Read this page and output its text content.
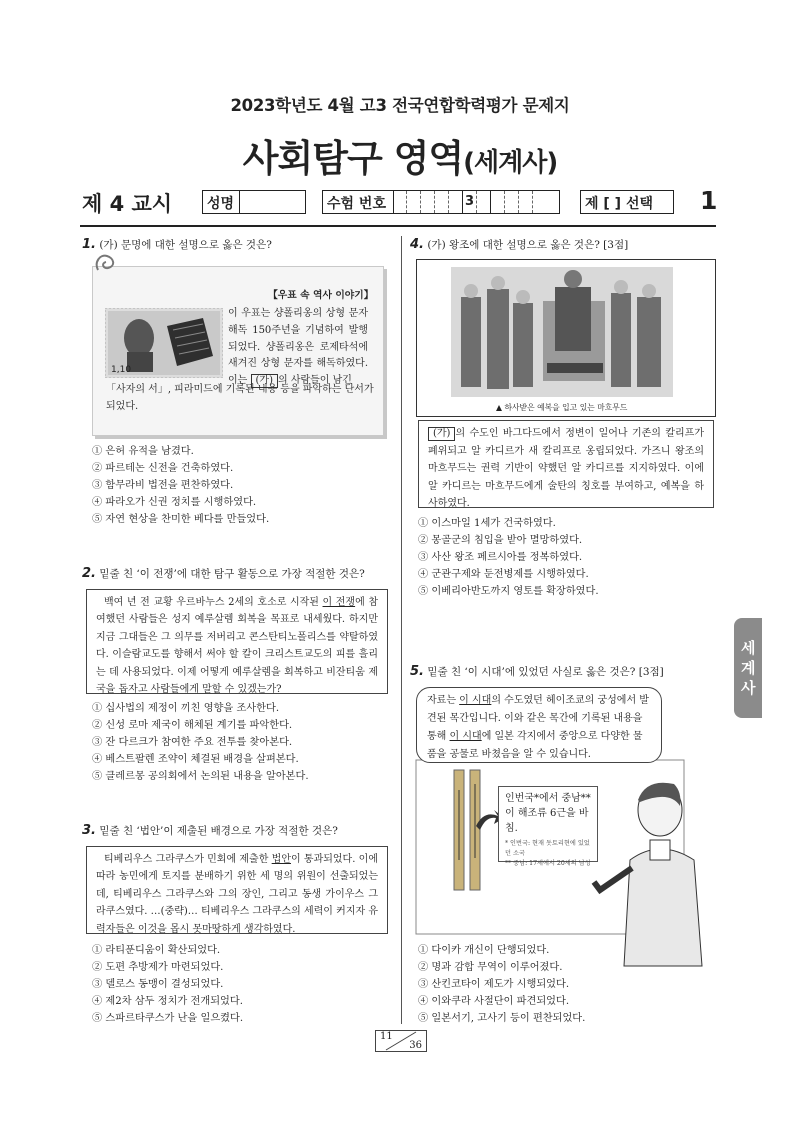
2023학년도 4월 고3 전국연합학력평가 문제지
사회탐구 영역(세계사)
제 4 교시 성명	수험 번호	3	제 [ ] 선택 1
1. (가) 문명에 대한 설명으로 옳은 것은?
【우표 속 역사 이야기】
1,10
이 우표는 샹폴리옹의 상형 문자 해독 150주년을 기념하여 발행되었다. 샹폴리옹은 로제타석에 새겨진 상형 문자를 해독하였다. 이는 (가) 의 사람들이 남긴
「사자의 서」, 피라미드에 기록된 내용 등을 파악하는 단서가 되었다.
① 은허 유적을 남겼다.
② 파르테논 신전을 건축하였다.
③ 함무라비 법전을 편찬하였다.
④ 파라오가 신권 정치를 시행하였다.
⑤ 자연 현상을 찬미한 베다를 만들었다.
2. 밑줄 친 ‘이 전쟁’에 대한 탐구 활동으로 가장 적절한 것은?
백여 년 전 교황 우르바누스 2세의 호소로 시작된 이 전쟁에 참여했던 사람들은 성지 예루살렘 회복을 목표로 내세웠다. 하지만 지금 그대들은 그 의무를 저버리고 콘스탄티노폴리스를 약탈하였다. 이슬람교도를 향해서 써야 할 칼이 크리스트교도의 피를 흘리는 데 사용되었다. 이제 어떻게 예루살렘을 회복하고 비잔티움 제국을 돕자고 사람들에게 말할 수 있겠는가?
① 십사법의 제정이 끼친 영향을 조사한다.
② 신성 로마 제국이 해체된 계기를 파악한다.
③ 잔 다르크가 참여한 주요 전투를 찾아본다.
④ 베스트팔렌 조약이 체결된 배경을 살펴본다.
⑤ 클레르몽 공의회에서 논의된 내용을 알아본다.
3. 밑줄 친 ‘법안’이 제출된 배경으로 가장 적절한 것은?
티베리우스 그라쿠스가 민회에 제출한 법안이 통과되었다. 이에 따라 농민에게 토지를 분배하기 위한 세 명의 위원이 선출되었는데, 티베리우스 그라쿠스와 그의 장인, 그리고 동생 가이우스 그라쿠스였다. …(중략)… 티베리우스 그라쿠스의 세력이 커지자 유력자들은 이것을 몹시 못마땅하게 생각하였다.
① 라티푼디움이 확산되었다.
② 도편 추방제가 마련되었다.
③ 델로스 동맹이 결성되었다.
④ 제2차 삼두 정치가 전개되었다.
⑤ 스파르타쿠스가 난을 일으켰다.
4. (가) 왕조에 대한 설명으로 옳은 것은? [3점]
▲ 하사받은 예복을 입고 있는 마흐무드
(가) 의 수도인 바그다드에서 정변이 일어나 기존의 칼리프가 폐위되고 알 카디르가 새 칼리프로 옹립되었다. 가즈니 왕조의 마흐무드는 권력 기반이 약했던 알 카디르를 지지하였다. 이에 알 카디르는 마흐무드에게 술탄의 칭호를 부여하고, 예복을 하사하였다.
① 이스마일 1세가 건국하였다.
② 몽골군의 침입을 받아 멸망하였다.
③ 사산 왕조 페르시아를 정복하였다.
④ 군관구제와 둔전병제를 시행하였다.
⑤ 이베리아반도까지 영토를 확장하였다.
세계사
5. 밑줄 친 ‘이 시대’에 있었던 사실로 옳은 것은? [3점]
자료는 이 시대의 수도였던 헤이조쿄의 궁성에서 발견된 목간입니다. 이와 같은 목간에 기록된 내용을 통해 이 시대에 일본 각지에서 중앙으로 다양한 물품을 공물로 바쳤음을 알 수 있습니다.
인번국*에서 중남**이 해조류 6근을 바침.
* 인번국: 현재 돗토리현에 있었던 소국
** 중남: 17세에서 20세의 남성
① 다이카 개신이 단행되었다.
② 명과 감합 무역이 이루어졌다.
③ 산킨코타이 제도가 시행되었다.
④ 이와쿠라 사절단이 파견되었다.
⑤ 일본서기, 고사기 등이 편찬되었다.
11
36
